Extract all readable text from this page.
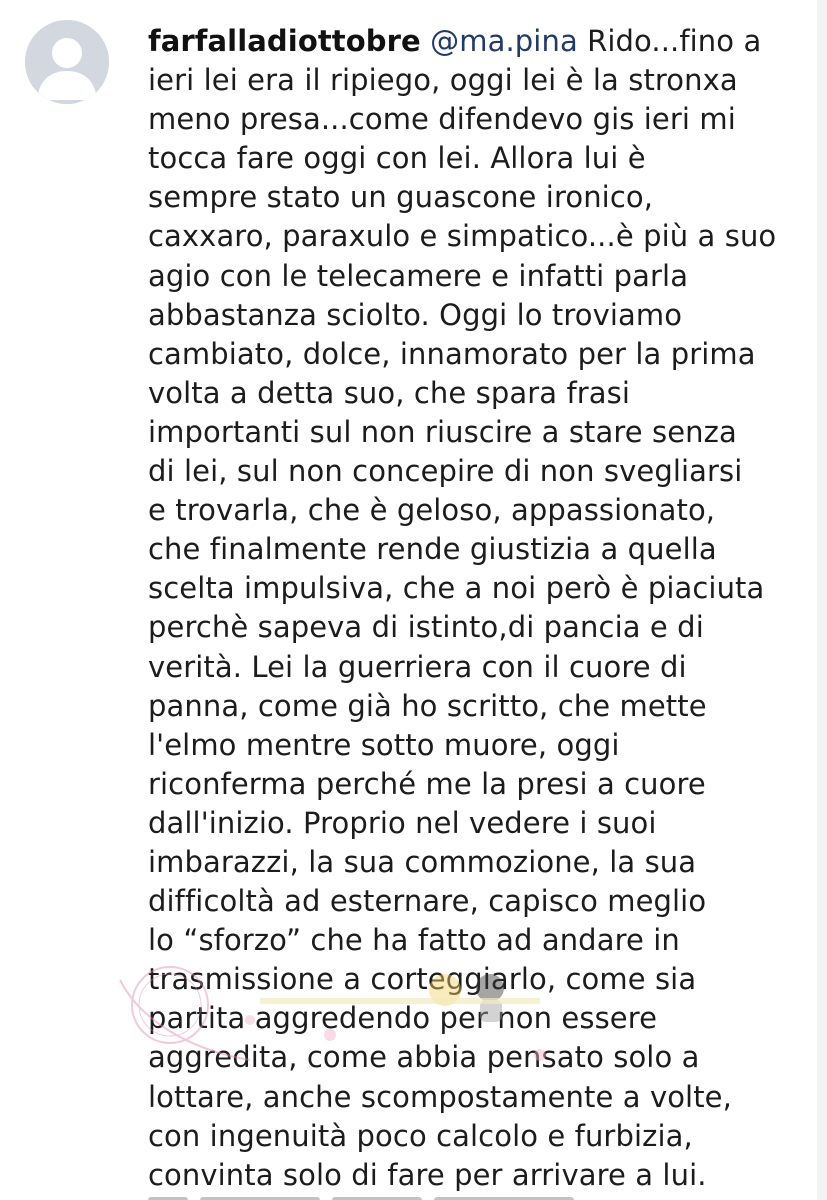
farfalladiottobre @ma.pina Rido...fino a
ieri lei era il ripiego, oggi lei è la stronxa
meno presa...come difendevo gis ieri mi
tocca fare oggi con lei. Allora lui è
sempre stato un guascone ironico,
caxxaro, paraxulo e simpatico...è più a suo
agio con le telecamere e infatti parla
abbastanza sciolto. Oggi lo troviamo
cambiato, dolce, innamorato per la prima
volta a detta suo, che spara frasi
importanti sul non riuscire a stare senza
di lei, sul non concepire di non svegliarsi
e trovarla, che è geloso, appassionato,
che finalmente rende giustizia a quella
scelta impulsiva, che a noi però è piaciuta
perchè sapeva di istinto,di pancia e di
verità. Lei la guerriera con il cuore di
panna, come già ho scritto, che mette
l'elmo mentre sotto muore, oggi
riconferma perché me la presi a cuore
dall'inizio. Proprio nel vedere i suoi
imbarazzi, la sua commozione, la sua
difficoltà ad esternare, capisco meglio
lo “sforzo” che ha fatto ad andare in
trasmissione a corteggiarlo, come sia
partita aggredendo per non essere
aggredita, come abbia pensato solo a
lottare, anche scompostamente a volte,
con ingenuità poco calcolo e furbizia,
convinta solo di fare per arrivare a lui.
